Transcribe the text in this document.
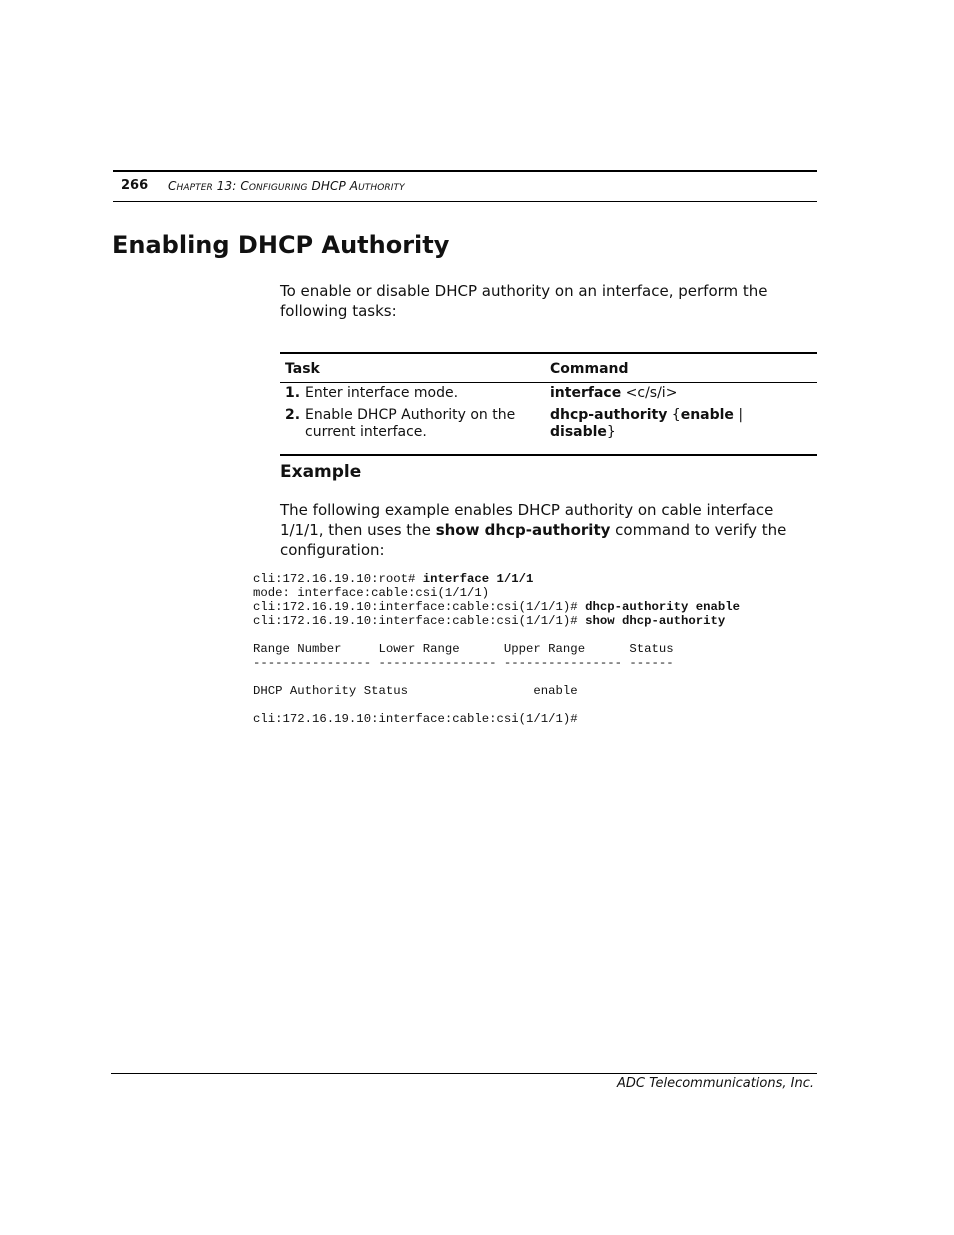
266 CHAPTER 13: CONFIGURING DHCP AUTHORITY
Enabling DHCP Authority

To enable or disable DHCP authority on an interface, perform the following tasks:

Task	Command

1. Enter interface mode.	interface <c/s/i>

2. Enable DHCP Authority on the current interface.	dhcp-authority {enable | disable}
Example

The following example enables DHCP authority on cable interface 1/1/1, then uses the show dhcp-authority command to verify the configuration:

cli:172.16.19.10:root# interface 1/1/1
mode: interface:cable:csi(1/1/1)
cli:172.16.19.10:interface:cable:csi(1/1/1)# dhcp-authority enable
cli:172.16.19.10:interface:cable:csi(1/1/1)# show dhcp-authority

Range Number     Lower Range      Upper Range      Status
---------------- ---------------- ---------------- ------

DHCP Authority Status                 enable

cli:172.16.19.10:interface:cable:csi(1/1/1)#
ADC Telecommunications, Inc.
